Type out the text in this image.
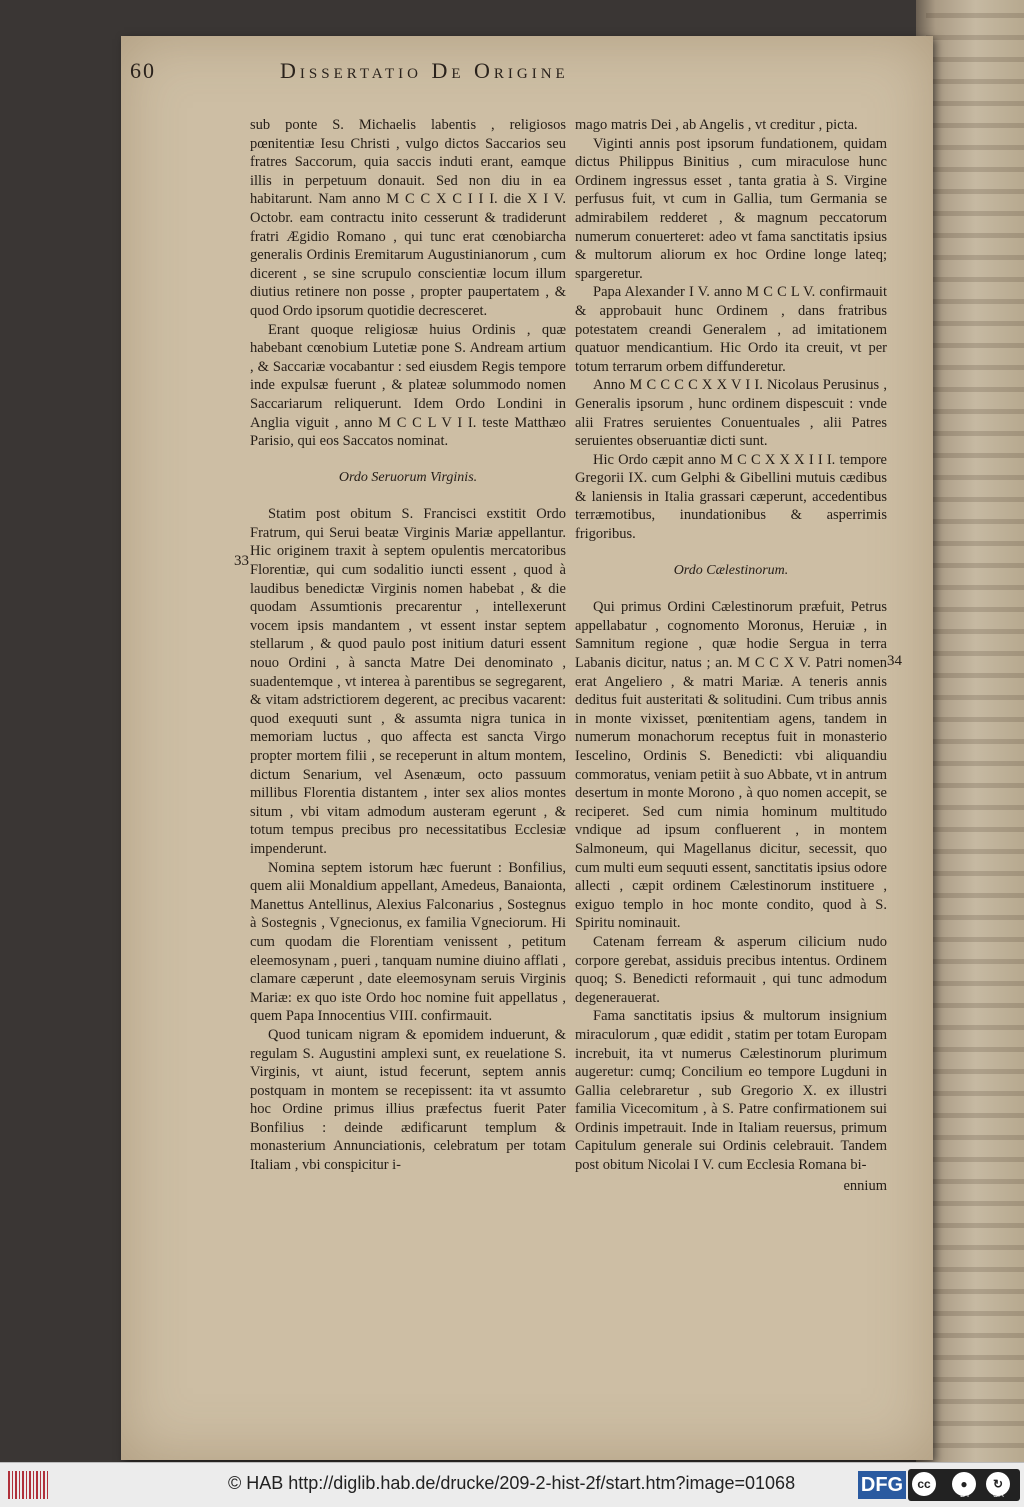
60	Dissertatio De Origine
33
34

sub ponte S. Michaelis labentis , religiosos pœnitentiæ Iesu Christi , vulgo dictos Saccarios seu fratres Saccorum, quia saccis induti erant, eamque illis in perpetuum donauit. Sed non diu in ea habitarunt. Nam anno M C C X C I I I. die X I V. Octobr. eam contractu inito cesserunt & tradiderunt fratri Ægidio Romano , qui tunc erat cœnobiarcha generalis Ordinis Eremitarum Augustinianorum , cum dicerent , se sine scrupulo conscientiæ locum illum diutius retinere non posse , propter paupertatem , & quod Ordo ipsorum quotidie decresceret.

Erant quoque religiosæ huius Ordinis , quæ habebant cœnobium Lutetiæ pone S. Andream artium , & Saccariæ vocabantur : sed eiusdem Regis tempore inde expulsæ fuerunt , & plateæ solummodo nomen Saccariarum reliquerunt. Idem Ordo Londini in Anglia viguit , anno M C C L V I I. teste Matthæo Parisio, qui eos Saccatos nominat.

Ordo Seruorum Virginis.

Statim post obitum S. Francisci exstitit Ordo Fratrum, qui Serui beatæ Virginis Mariæ appellantur. Hic originem traxit à septem opulentis mercatoribus Florentiæ, qui cum sodalitio iuncti essent , quod à laudibus benedictæ Virginis nomen habebat , & die quodam Assumtionis precarentur , intellexerunt vocem ipsis mandantem , vt essent instar septem stellarum , & quod paulo post initium daturi essent nouo Ordini , à sancta Matre Dei denominato , suadentemque , vt interea à parentibus se segregarent, & vitam adstrictiorem degerent, ac precibus vacarent: quod exequuti sunt , & assumta nigra tunica in memoriam luctus , quo affecta est sancta Virgo propter mortem filii , se receperunt in altum montem, dictum Senarium, vel Asenæum, octo passuum millibus Florentia distantem , inter sex alios montes situm , vbi vitam admodum austeram egerunt , & totum tempus precibus pro necessitatibus Ecclesiæ impenderunt.

Nomina septem istorum hæc fuerunt : Bonfilius, quem alii Monaldium appellant, Amedeus, Banaionta, Manettus Antellinus, Alexius Falconarius , Sostegnus à Sostegnis , Vgnecionus, ex familia Vgneciorum. Hi cum quodam die Florentiam venissent , petitum eleemosynam , pueri , tanquam numine diuino afflati , clamare cæperunt , date eleemosynam seruis Virginis Mariæ: ex quo iste Ordo hoc nomine fuit appellatus , quem Papa Innocentius VIII. confirmauit.

Quod tunicam nigram & epomidem induerunt, & regulam S. Augustini amplexi sunt, ex reuelatione S. Virginis, vt aiunt, istud fecerunt, septem annis postquam in montem se recepissent: ita vt assumto hoc Ordine primus illius præfectus fuerit Pater Bonfilius : deinde ædificarunt templum & monasterium Annunciationis, celebratum per totam Italiam , vbi conspicitur i-

mago matris Dei , ab Angelis , vt creditur , picta.

Viginti annis post ipsorum fundationem, quidam dictus Philippus Binitius , cum miraculose hunc Ordinem ingressus esset , tanta gratia à S. Virgine perfusus fuit, vt cum in Gallia, tum Germania se admirabilem redderet , & magnum peccatorum numerum conuerteret: adeo vt fama sanctitatis ipsius & multorum aliorum ex hoc Ordine longe lateq; spargeretur.

Papa Alexander I V. anno M C C L V. confirmauit & approbauit hunc Ordinem , dans fratribus potestatem creandi Generalem , ad imitationem quatuor mendicantium. Hic Ordo ita creuit, vt per totum terrarum orbem diffunderetur.

Anno M C C C C X X V I I. Nicolaus Perusinus , Generalis ipsorum , hunc ordinem dispescuit : vnde alii Fratres seruientes Conuentuales , alii Patres seruientes obseruantiæ dicti sunt.

Hic Ordo cæpit anno M C C X X X I I I. tempore Gregorii IX. cum Gelphi & Gibellini mutuis cædibus & laniensis in Italia grassari cæperunt, accedentibus terræmotibus, inundationibus & asperrimis frigoribus.

Ordo Cælestinorum.

Qui primus Ordini Cælestinorum præfuit, Petrus appellabatur , cognomento Moronus, Heruiæ , in Samnitum regione , quæ hodie Sergua in terra Labanis dicitur, natus ; an. M C C X V. Patri nomen erat Angeliero , & matri Mariæ. A teneris annis deditus fuit austeritati & solitudini. Cum tribus annis in monte vixisset, pœnitentiam agens, tandem in numerum monachorum receptus fuit in monasterio Iescelino, Ordinis S. Benedicti: vbi aliquandiu commoratus, veniam petiit à suo Abbate, vt in antrum desertum in monte Morono , à quo nomen accepit, se reciperet. Sed cum nimia hominum multitudo vndique ad ipsum confluerent , in montem Salmoneum, qui Magellanus dicitur, secessit, quo cum multi eum sequuti essent, sanctitatis ipsius odore allecti , cæpit ordinem Cælestinorum instituere , exiguo templo in hoc monte condito, quod à S. Spiritu nominauit.

Catenam ferream & asperum cilicium nudo corpore gerebat, assiduis precibus intentus. Ordinem quoq; S. Benedicti reformauit , qui tunc admodum degenerauerat.

Fama sanctitatis ipsius & multorum insignium miraculorum , quæ edidit , statim per totam Europam increbuit, ita vt numerus Cælestinorum plurimum augeretur: cumq; Concilium eo tempore Lugduni in Gallia celebraretur , sub Gregorio X. ex illustri familia Vicecomitum , à S. Patre confirmationem sui Ordinis impetrauit. Inde in Italiam reuersus, primum Capitulum generale sui Ordinis celebrauit. Tandem post obitum Nicolai I V. cum Ecclesia Romana bi-

ennium
© HAB http://diglib.hab.de/drucke/209-2-hist-2f/start.htm?image=01068	DFG	cc	●	↻
BY	SA
